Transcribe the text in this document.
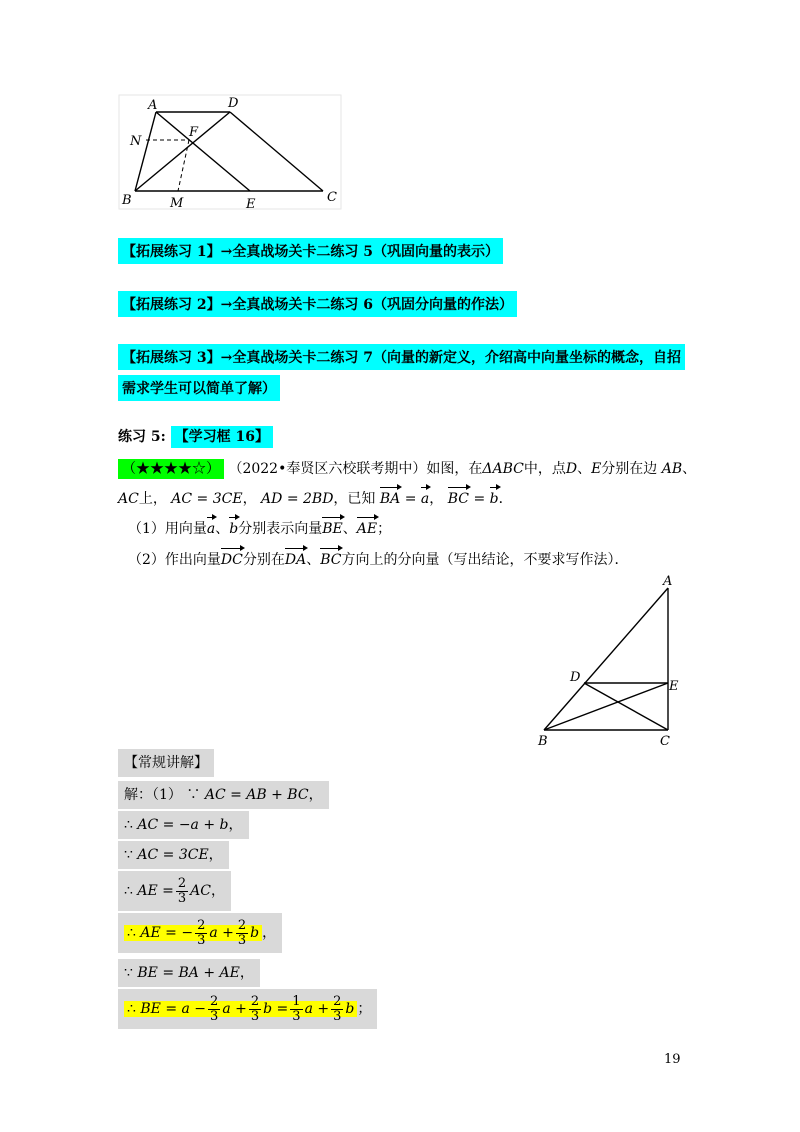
A	D
N
F
B	M	E	C
【拓展练习 1】→全真战场关卡二练习 5（巩固向量的表示）
【拓展练习 2】→全真战场关卡二练习 6（巩固分向量的作法）
【拓展练习 3】→全真战场关卡二练习 7（向量的新定义，介绍高中向量坐标的概念，自招
需求学生可以简单了解）
练习 5: 【学习框 16】
（★★★★☆） （2022•奉贤区六校联考期中）如图，在ΔABC中，点D、E分别在边 AB、
AC上， AC = 3CE， AD = 2BD，已知 BA = a， BC = b．
（1）用向量a、b分别表示向量BE、AE；
（2）作出向量DC分别在DA、BC方向上的分向量（写出结论，不要求写作法）．
A
D
E
B	C
【常规讲解】
解：（1） ∵ AC = AB + BC，
∴ AC = −a + b，
∵ AC = 3CE，
∴ AE = $\frac{2}{3}$ AC，
∴ AE = − $\frac{2}{3}$ $a + \frac{2}{3}$ b ，
∵ BE = BA + AE，
∴ BE = $a - \frac{2}{3}$ $a + \frac{2}{3}$ $b = \frac{1}{3}$ $a + \frac{2}{3}$ b ；
19
